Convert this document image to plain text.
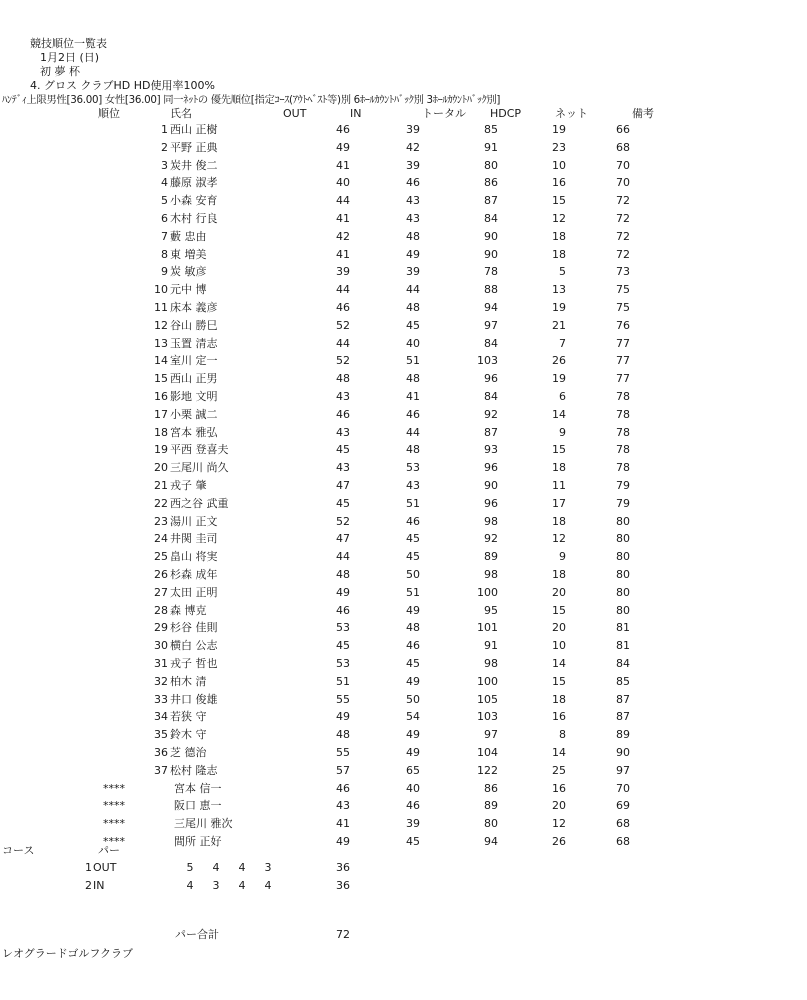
競技順位一覧表
1月2日 (日)
初 夢 杯
4. グロス クラブHD HD使用率100%
ﾊﾝﾃﾞｨ上限男性[36.00] 女性[36.00] 同一ﾈｯﾄの 優先順位[指定ｺｰｽ(ｱｳﾄﾍﾞｽﾄ等)別 6ﾎｰﾙｶｳﾝﾄﾊﾞｯｸ別 3ﾎｰﾙｶｳﾝﾄﾊﾞｯｸ別]
順位	氏名	OUT	IN	トータル HDCP	ネット	備考
1 西山 正樹	46	39	85	19	66
2 平野 正典	49	42	91	23	68
3 炭井 俊二	41	39	80	10	70
4 藤原 淑孝	40	46	86	16	70
5 小森 安育	44	43	87	15	72
6 木村 行良	41	43	84	12	72
7 藪 忠由	42	48	90	18	72
8 東 増美	41	49	90	18	72
9 炭 敏彦	39	39	78	5	73
10 元中 博	44	44	88	13	75
11 床本 義彦	46	48	94	19	75
12 谷山 勝巳	52	45	97	21	76
13 玉置 清志	44	40	84	7	77
14 室川 定一	52	51	103	26	77
15 西山 正男	48	48	96	19	77
16 影地 文明	43	41	84	6	78
17 小栗 誠二	46	46	92	14	78
18 宮本 雅弘	43	44	87	9	78
19 平西 登喜夫	45	48	93	15	78
20 三尾川 尚久	43	53	96	18	78
21 戎子 肇	47	43	90	11	79
22 西之谷 武重	45	51	96	17	79
23 湯川 正文	52	46	98	18	80
24 井関 圭司	47	45	92	12	80
25 畠山 将実	44	45	89	9	80
26 杉森 成年	48	50	98	18	80
27 太田 正明	49	51	100	20	80
28 森 博克	46	49	95	15	80
29 杉谷 佳則	53	48	101	20	81
30 横白 公志	45	46	91	10	81
31 戎子 哲也	53	45	98	14	84
32 柏木 清	51	49	100	15	85
33 井口 俊雄	55	50	105	18	87
34 若狭 守	49	54	103	16	87
35 鈴木 守	48	49	97	8	89
36 芝 德治	55	49	104	14	90
37 松村 隆志	57	65	122	25	97
****	宮本 信一	46	40	86	16	70
****	阪口 恵一	43	46	89	20	69
****	三尾川 雅次	41	39	80	12	68
****	間所 正好	49	45	94	26	68
コース	パー
1 OUT	5 4 4 3	36
2 IN	4 3 4 4	36
パー合計	72
レオグラードゴルフクラブ
